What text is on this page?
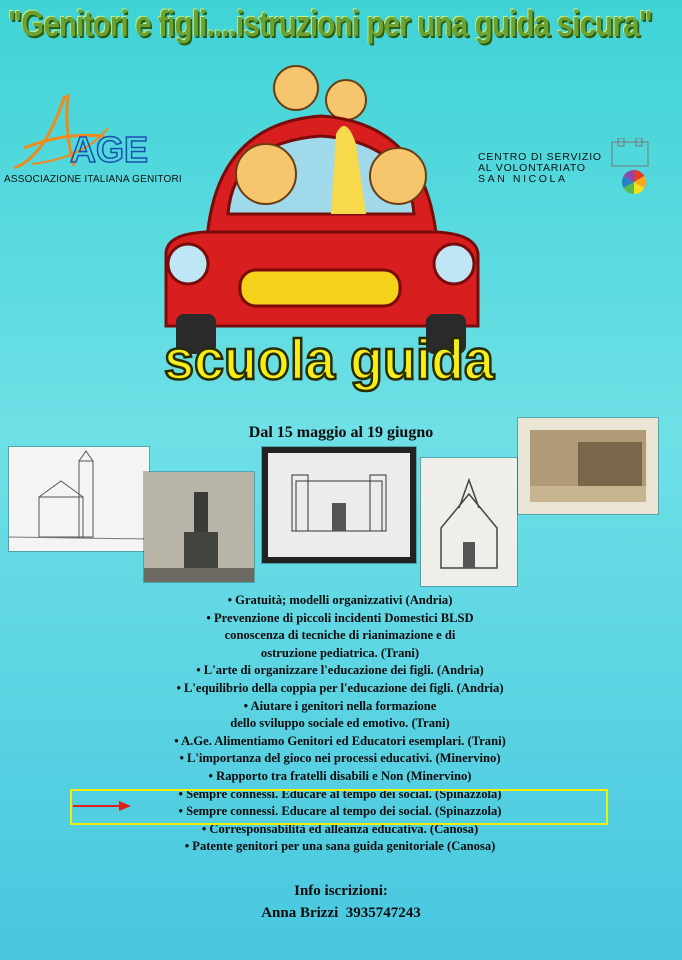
"Genitori e figli....istruzioni per una guida sicura"
AGE
ASSOCIAZIONE ITALIANA GENITORI
CENTRO DI SERVIZIO
AL VOLONTARIATO
SAN NICOLA
scuola guida
Dal 15 maggio al 19 giugno
• Gratuità; modelli organizzativi (Andria)
• Prevenzione di piccoli incidenti Domestici BLSD
conoscenza di tecniche di rianimazione e di
ostruzione pediatrica. (Trani)
• L'arte di organizzare l'educazione dei figli. (Andria)
• L'equilibrio della coppia per l'educazione dei figli. (Andria)
• Aiutare i genitori nella formazione
dello sviluppo sociale ed emotivo. (Trani)
• A.Ge. Alimentiamo Genitori ed Educatori esemplari. (Trani)
• L'importanza del gioco nei processi educativi. (Minervino)
• Rapporto tra fratelli disabili e Non (Minervino)
• Sempre connessi. Educare al tempo dei social. (Spinazzola)
• Sempre connessi. Educare al tempo dei social. (Spinazzola)
• Corresponsabilità ed alleanza educativa. (Canosa)
• Patente genitori per una sana guida genitoriale (Canosa)
Info iscrizioni:
Anna Brizzi  3935747243
